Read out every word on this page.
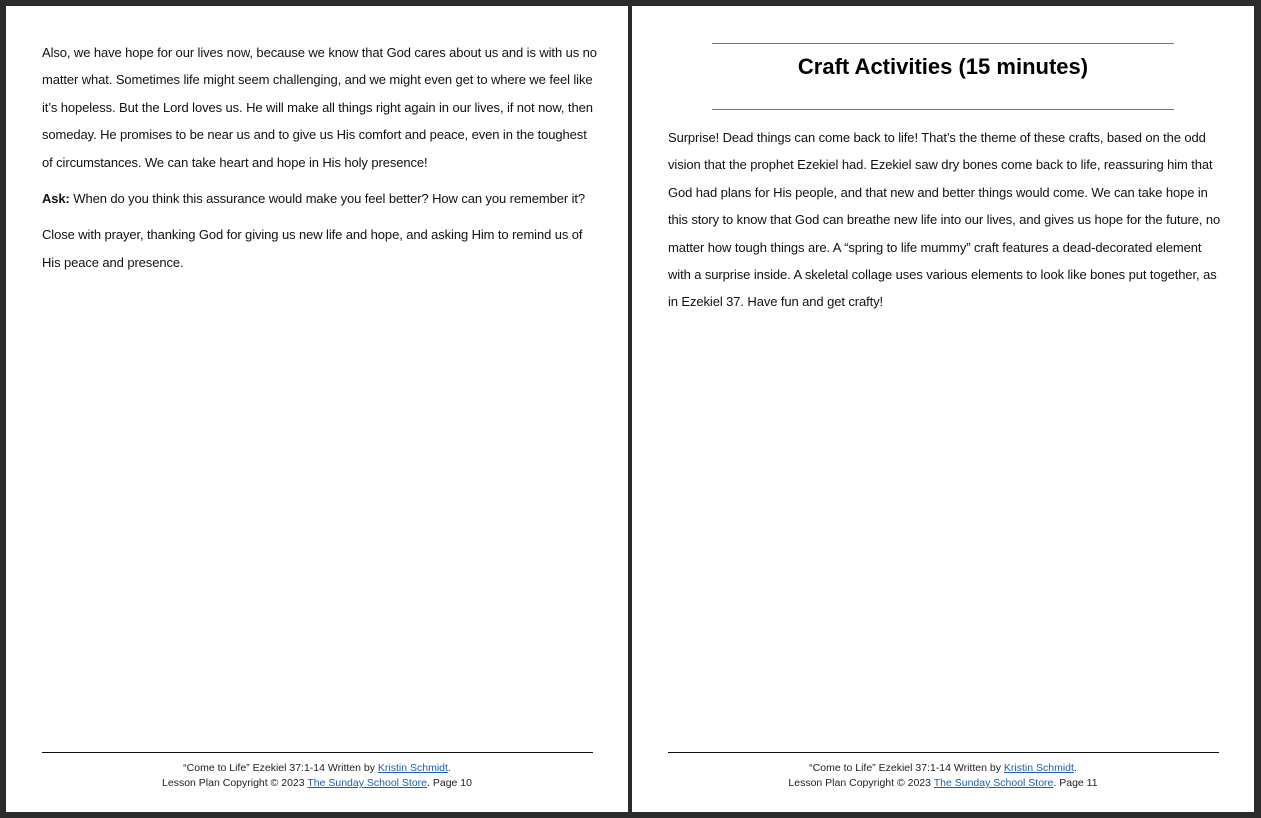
Also, we have hope for our lives now, because we know that God cares about us and is with us no matter what. Sometimes life might seem challenging, and we might even get to where we feel like it’s hopeless. But the Lord loves us. He will make all things right again in our lives, if not now, then someday. He promises to be near us and to give us His comfort and peace, even in the toughest of circumstances. We can take heart and hope in His holy presence!

Ask: When do you think this assurance would make you feel better? How can you remember it?

Close with prayer, thanking God for giving us new life and hope, and asking Him to remind us of His peace and presence.

“Come to Life” Ezekiel 37:1-14 Written by Kristin Schmidt.
Lesson Plan Copyright © 2023 The Sunday School Store. Page 10
Craft Activities (15 minutes)

Surprise! Dead things can come back to life! That’s the theme of these crafts, based on the odd vision that the prophet Ezekiel had. Ezekiel saw dry bones come back to life, reassuring him that God had plans for His people, and that new and better things would come. We can take hope in this story to know that God can breathe new life into our lives, and gives us hope for the future, no matter how tough things are. A “spring to life mummy” craft features a dead-decorated element with a surprise inside. A skeletal collage uses various elements to look like bones put together, as in Ezekiel 37. Have fun and get crafty!

“Come to Life” Ezekiel 37:1-14 Written by Kristin Schmidt.
Lesson Plan Copyright © 2023 The Sunday School Store. Page 11
